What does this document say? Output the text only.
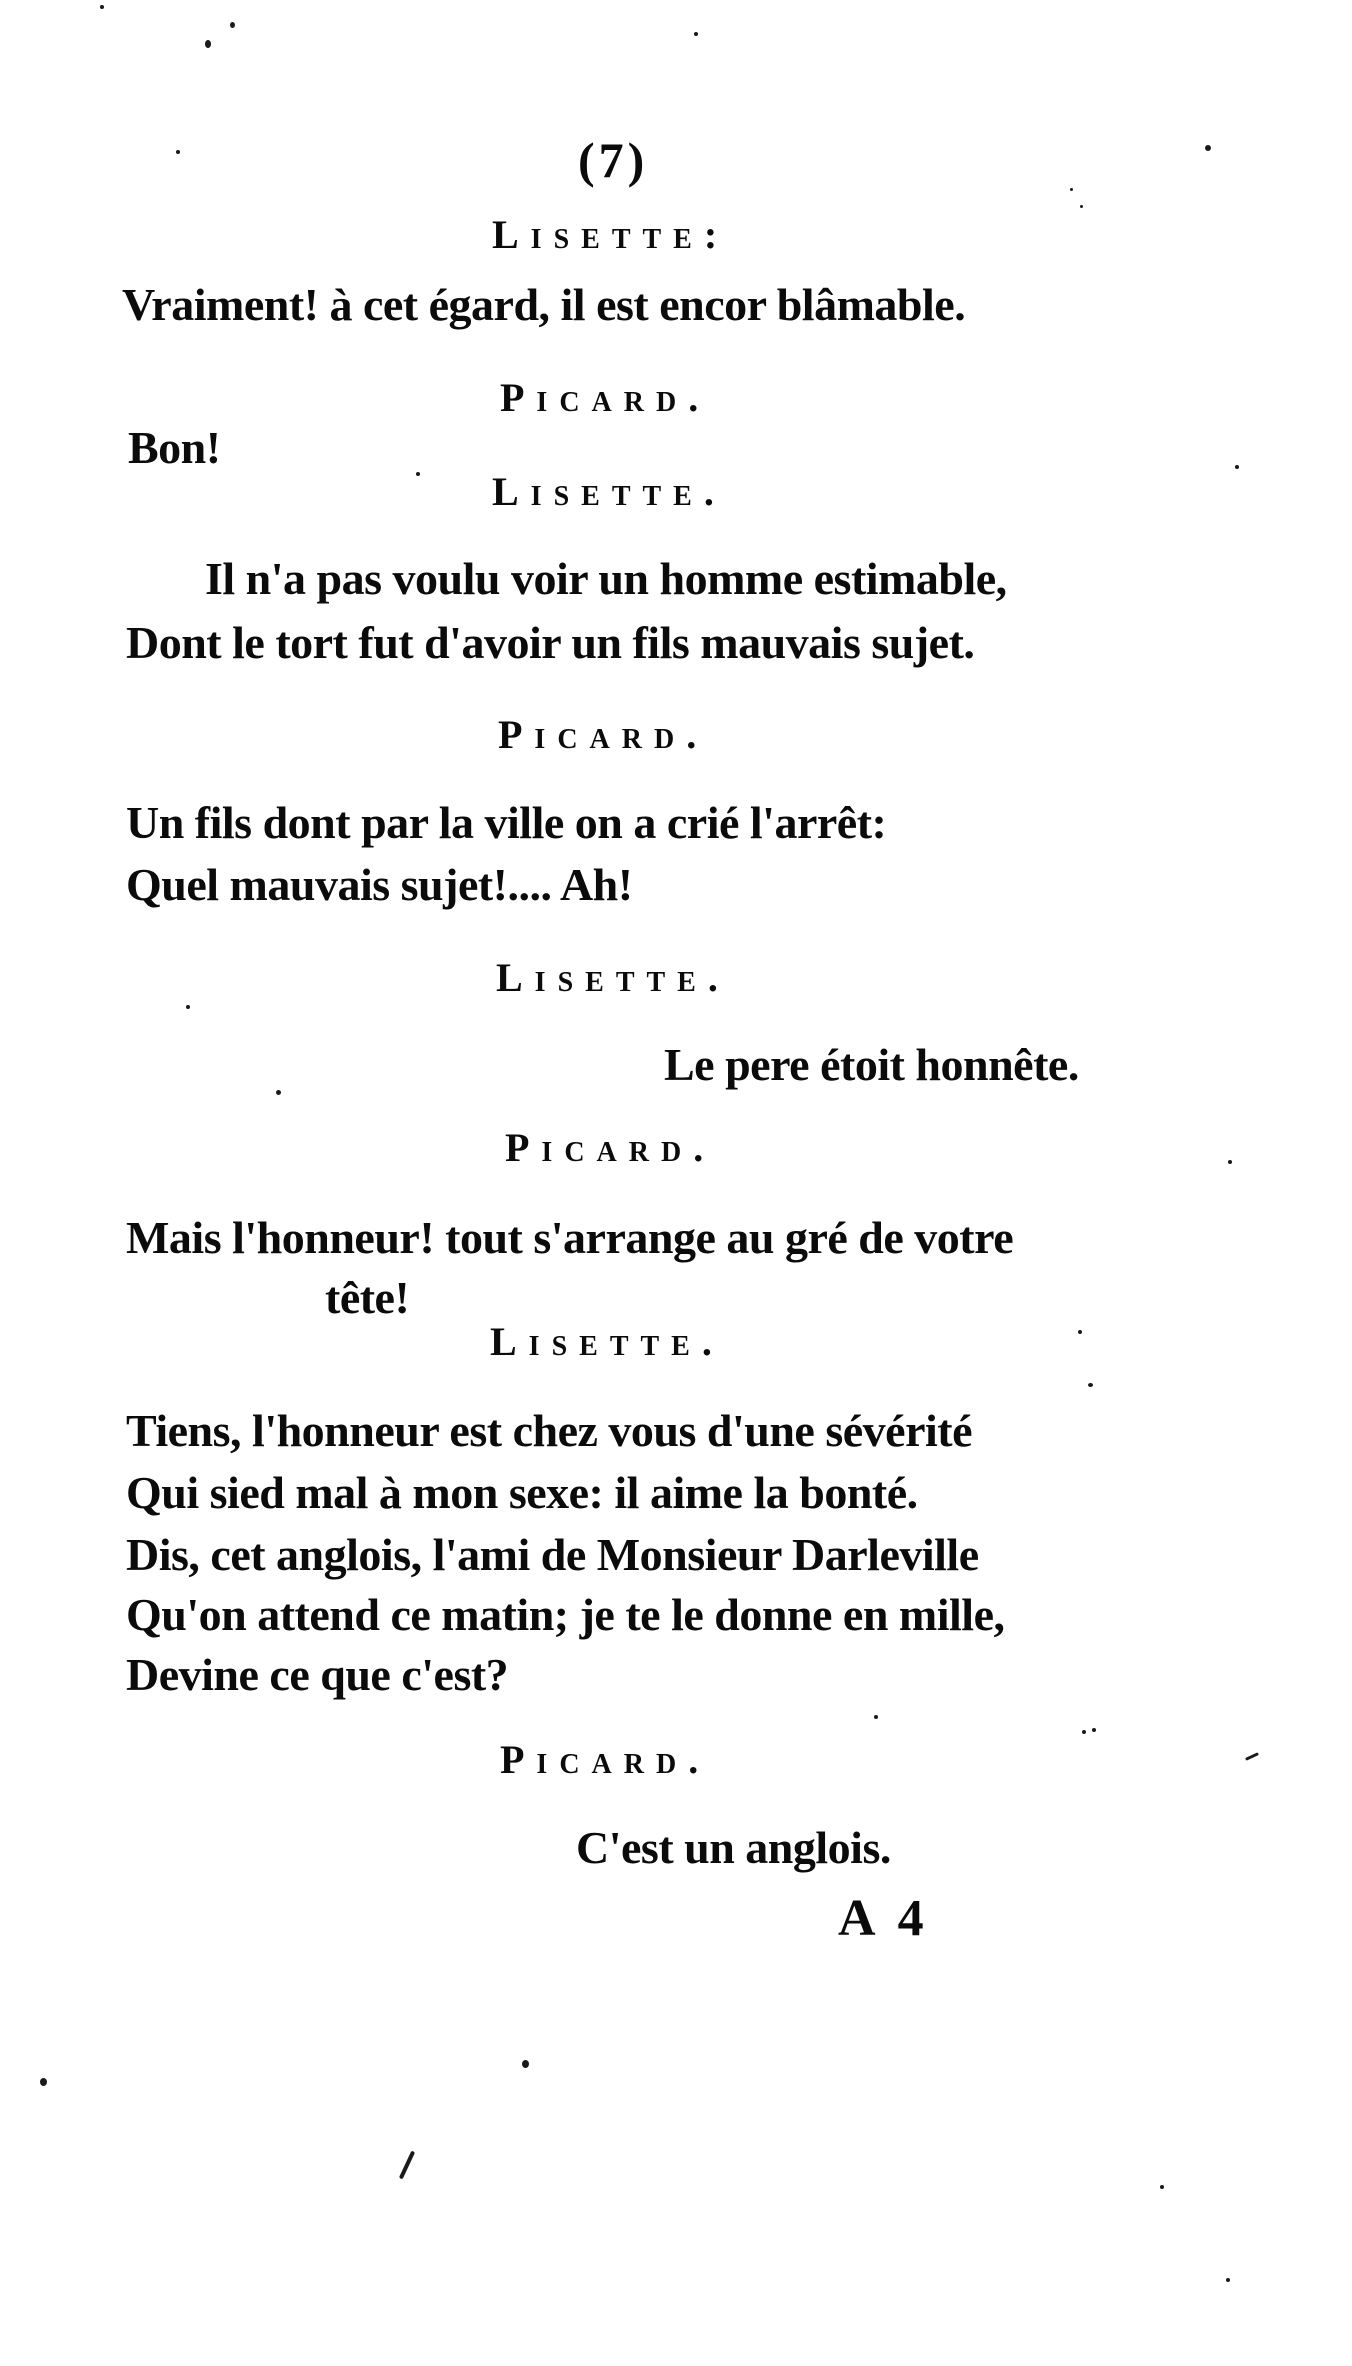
(7)
Lisette:
Vraiment! à cet égard, il est encor blâmable.
Picard.
Bon!
Lisette.
Il n'a pas voulu voir un homme estimable,
Dont le tort fut d'avoir un fils mauvais sujet.
Picard.
Un fils dont par la ville on a crié l'arrêt:
Quel mauvais sujet!.... Ah!
Lisette.
Le pere étoit honnête.
Picard.
Mais l'honneur! tout s'arrange au gré de votre
tête!
Lisette.
Tiens, l'honneur est chez vous d'une sévérité
Qui sied mal à mon sexe: il aime la bonté.
Dis, cet anglois, l'ami de Monsieur Darleville
Qu'on attend ce matin; je te le donne en mille,
Devine ce que c'est?
Picard.
C'est un anglois.
A 4
